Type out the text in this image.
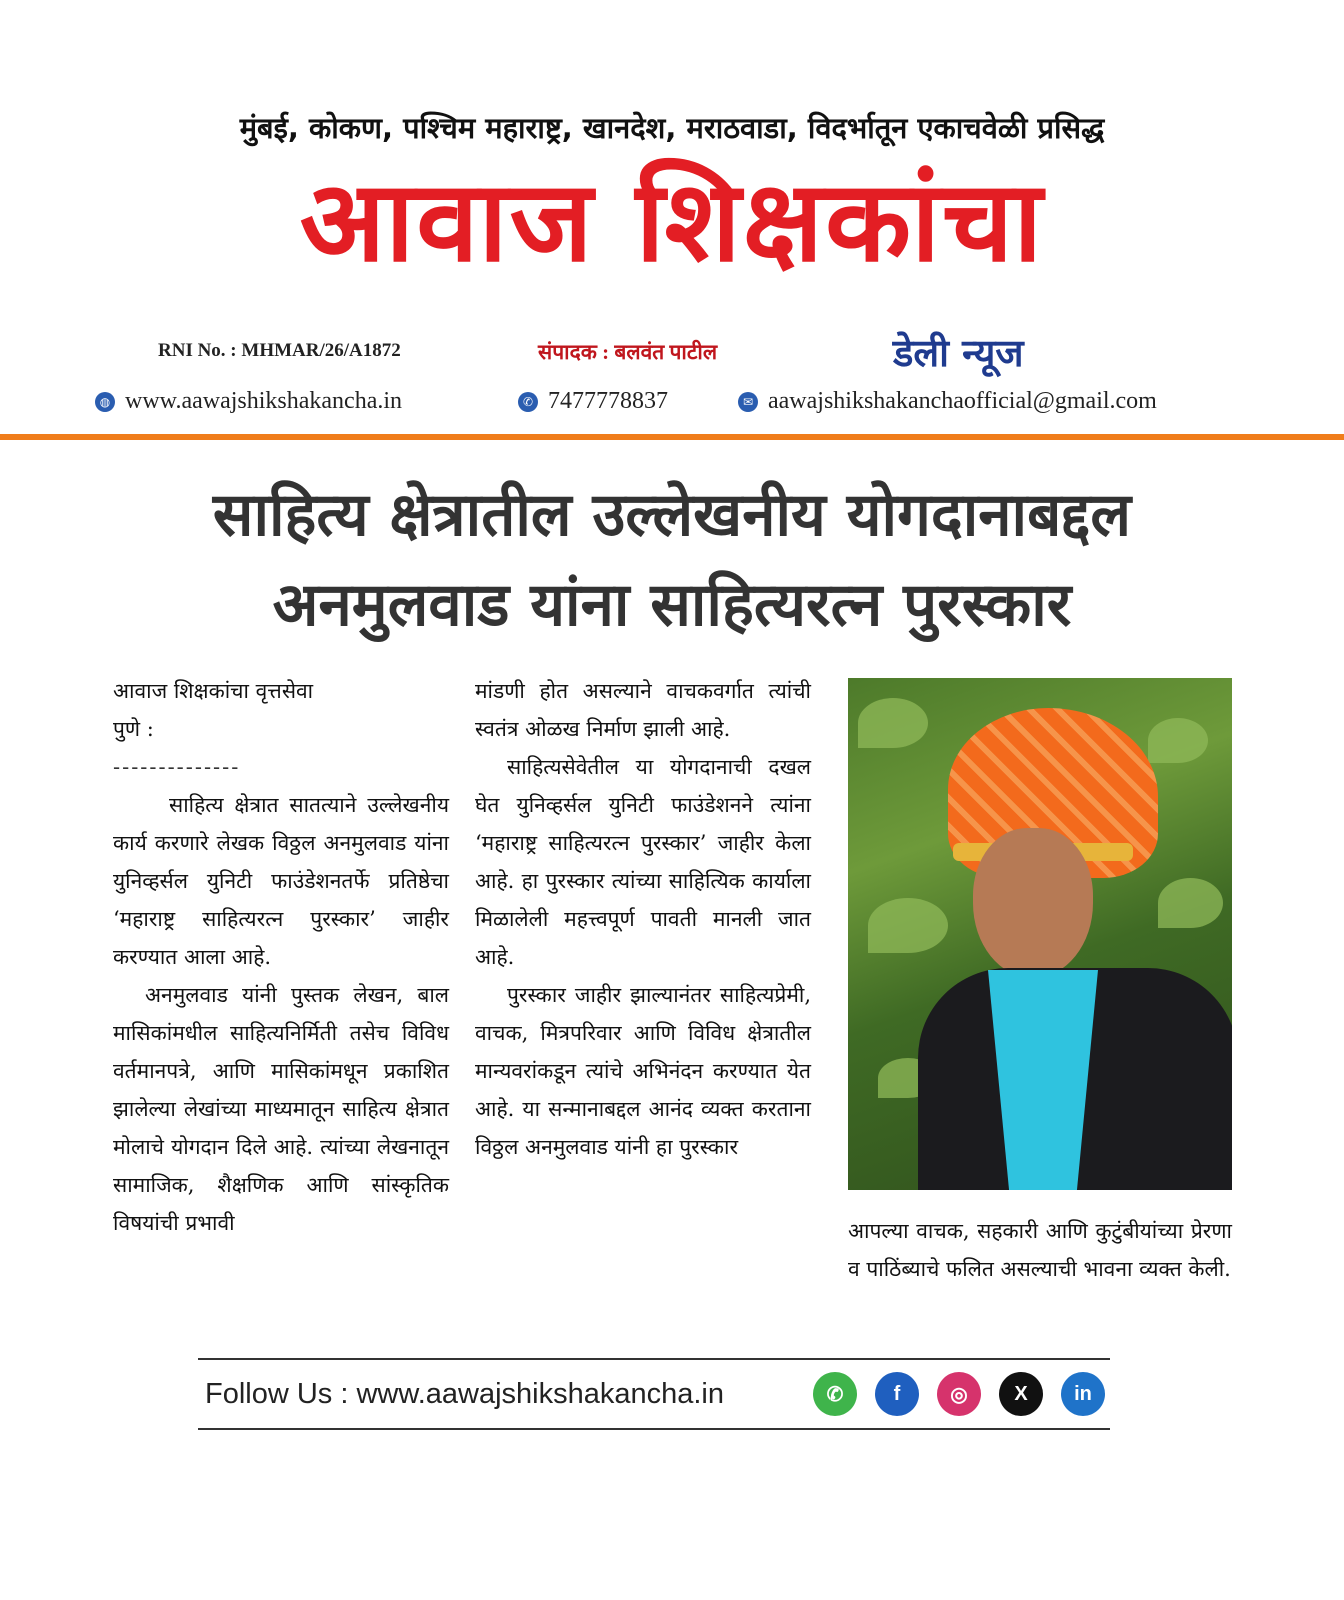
मुंबई, कोकण, पश्चिम महाराष्ट्र, खानदेश, मराठवाडा, विदर्भातून एकाचवेळी प्रसिद्ध
आवाज शिक्षकांचा
RNI No. : MHMAR/26/A1872	संपादक : बलवंत पाटील	डेली न्यूज
◍ www.aawajshikshakancha.in	✆ 7477778837	✉ aawajshikshakanchaofficial@gmail.com
साहित्य क्षेत्रातील उल्लेखनीय योगदानाबद्दल
अनमुलवाड यांना साहित्यरत्न पुरस्कार

आवाज शिक्षकांचा वृत्तसेवा

पुणे :

--------------

साहित्य क्षेत्रात सातत्याने उल्लेखनीय कार्य करणारे लेखक विठ्ठल अनमुलवाड यांना युनिव्हर्सल युनिटी फाउंडेशनतर्फे प्रतिष्ठेचा ‘महाराष्ट्र साहित्यरत्न पुरस्कार’ जाहीर करण्यात आला आहे.

अनमुलवाड यांनी पुस्तक लेखन, बाल मासिकांमधील साहित्यनिर्मिती तसेच विविध वर्तमानपत्रे, आणि मासिकांमधून प्रकाशित झालेल्या लेखांच्या माध्यमातून साहित्य क्षेत्रात मोलाचे योगदान दिले आहे. त्यांच्या लेखनातून सामाजिक, शैक्षणिक आणि सांस्कृतिक विषयांची प्रभावी

मांडणी होत असल्याने वाचकवर्गात त्यांची स्वतंत्र ओळख निर्माण झाली आहे.

साहित्यसेवेतील या योगदानाची दखल घेत युनिव्हर्सल युनिटी फाउंडेशनने त्यांना ‘महाराष्ट्र साहित्यरत्न पुरस्कार’ जाहीर केला आहे. हा पुरस्कार त्यांच्या साहित्यिक कार्याला मिळालेली महत्त्वपूर्ण पावती मानली जात आहे.

पुरस्कार जाहीर झाल्यानंतर साहित्यप्रेमी, वाचक, मित्रपरिवार आणि विविध क्षेत्रातील मान्यवरांकडून त्यांचे अभिनंदन करण्यात येत आहे. या सन्मानाबद्दल आनंद व्यक्त करताना विठ्ठल अनमुलवाड यांनी हा पुरस्कार

आपल्या वाचक, सहकारी आणि कुटुंबीयांच्या प्रेरणा व पाठिंब्याचे फलित असल्याची भावना व्यक्त केली.

Follow Us : www.aawajshikshakancha.in	✆	f	◎	X	in
